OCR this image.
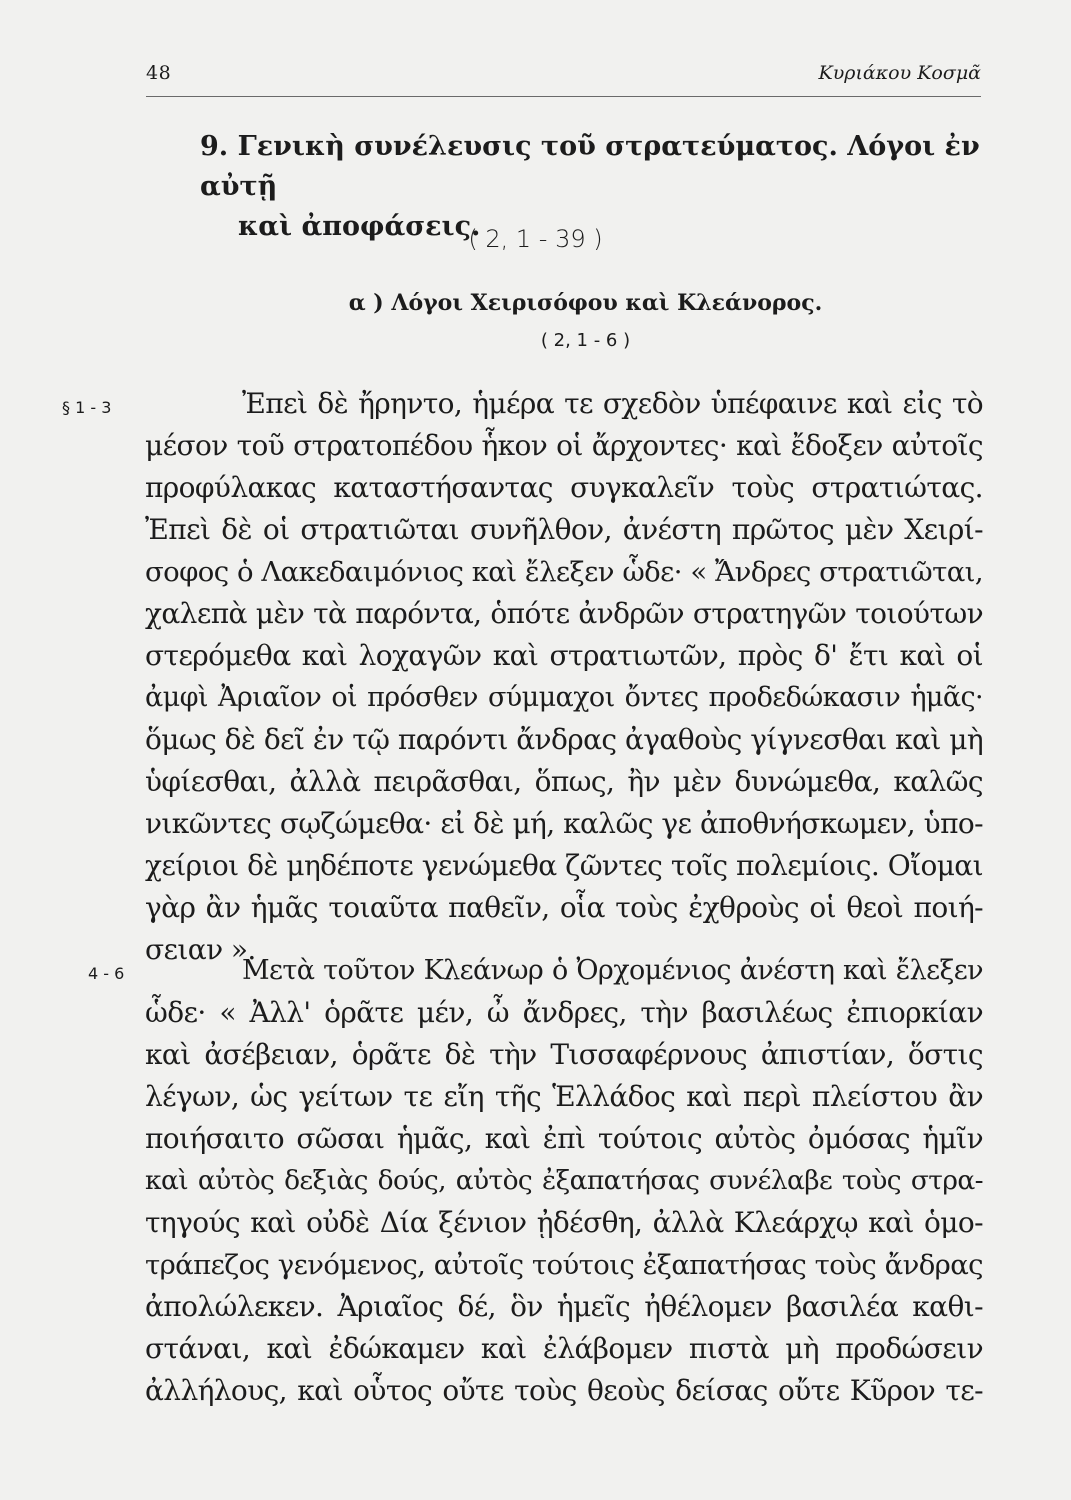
48	Κυριάκου Κοσμᾶ
9. Γενικὴ συνέλευσις τοῦ στρατεύματος. Λόγοι ἐν αὐτῇ
καὶ ἀποφάσεις.
( 2, 1 - 39 )
α ) Λόγοι Χειρισόφου καὶ Κλεάνορος.
( 2, 1 - 6 )
§ 1 - 3	Ἐπεὶ δὲ ἤρηντο, ἡμέρα τε σχεδὸν ὑπέφαινε καὶ εἰς τὸ
μέσον τοῦ στρατοπέδου ἧκον οἱ ἄρχοντες· καὶ ἔδοξεν αὐτοῖς
προφύλακας καταστήσαντας συγκαλεῖν τοὺς στρατιώτας.
Ἐπεὶ δὲ οἱ στρατιῶται συνῆλθον, ἀνέστη πρῶτος μὲν Χειρί-
σοφος ὁ Λακεδαιμόνιος καὶ ἔλεξεν ὧδε· « Ἄνδρες στρατιῶται,
χαλεπὰ μὲν τὰ παρόντα, ὁπότε ἀνδρῶν στρατηγῶν τοιούτων
στερόμεθα καὶ λοχαγῶν καὶ στρατιωτῶν, πρὸς δ' ἔτι καὶ οἱ
ἀμφὶ Ἀριαῖον οἱ πρόσθεν σύμμαχοι ὄντες προδεδώκασιν ἡμᾶς·
ὅμως δὲ δεῖ ἐν τῷ παρόντι ἄνδρας ἀγαθοὺς γίγνεσθαι καὶ μὴ
ὑφίεσθαι, ἀλλὰ πειρᾶσθαι, ὅπως, ἢν μὲν δυνώμεθα, καλῶς
νικῶντες σῳζώμεθα· εἰ δὲ μή, καλῶς γε ἀποθνήσκωμεν, ὑπο-
χείριοι δὲ μηδέποτε γενώμεθα ζῶντες τοῖς πολεμίοις. Οἴομαι
γὰρ ἂν ἡμᾶς τοιαῦτα παθεῖν, οἷα τοὺς ἐχθροὺς οἱ θεοὶ ποιή-
σειαν ».
4 - 6	Μετὰ τοῦτον Κλεάνωρ ὁ Ὀρχομένιος ἀνέστη καὶ ἔλεξεν
ὧδε· « Ἀλλ' ὁρᾶτε μέν, ὦ ἄνδρες, τὴν βασιλέως ἐπιορκίαν
καὶ ἀσέβειαν, ὁρᾶτε δὲ τὴν Τισσαφέρνους ἀπιστίαν, ὅστις
λέγων, ὡς γείτων τε εἴη τῆς Ἑλλάδος καὶ περὶ πλείστου ἂν
ποιήσαιτο σῶσαι ἡμᾶς, καὶ ἐπὶ τούτοις αὐτὸς ὀμόσας ἡμῖν
καὶ αὐτὸς δεξιὰς δούς, αὐτὸς ἐξαπατήσας συνέλαβε τοὺς στρα-
τηγούς καὶ οὐδὲ Δία ξένιον ᾐδέσθη, ἀλλὰ Κλεάρχῳ καὶ ὁμο-
τράπεζος γενόμενος, αὐτοῖς τούτοις ἐξαπατήσας τοὺς ἄνδρας
ἀπολώλεκεν. Ἀριαῖος δέ, ὃν ἡμεῖς ἠθέλομεν βασιλέα καθι-
στάναι, καὶ ἐδώκαμεν καὶ ἐλάβομεν πιστὰ μὴ προδώσειν
ἀλλήλους, καὶ οὗτος οὔτε τοὺς θεοὺς δείσας οὔτε Κῦρον τε-
